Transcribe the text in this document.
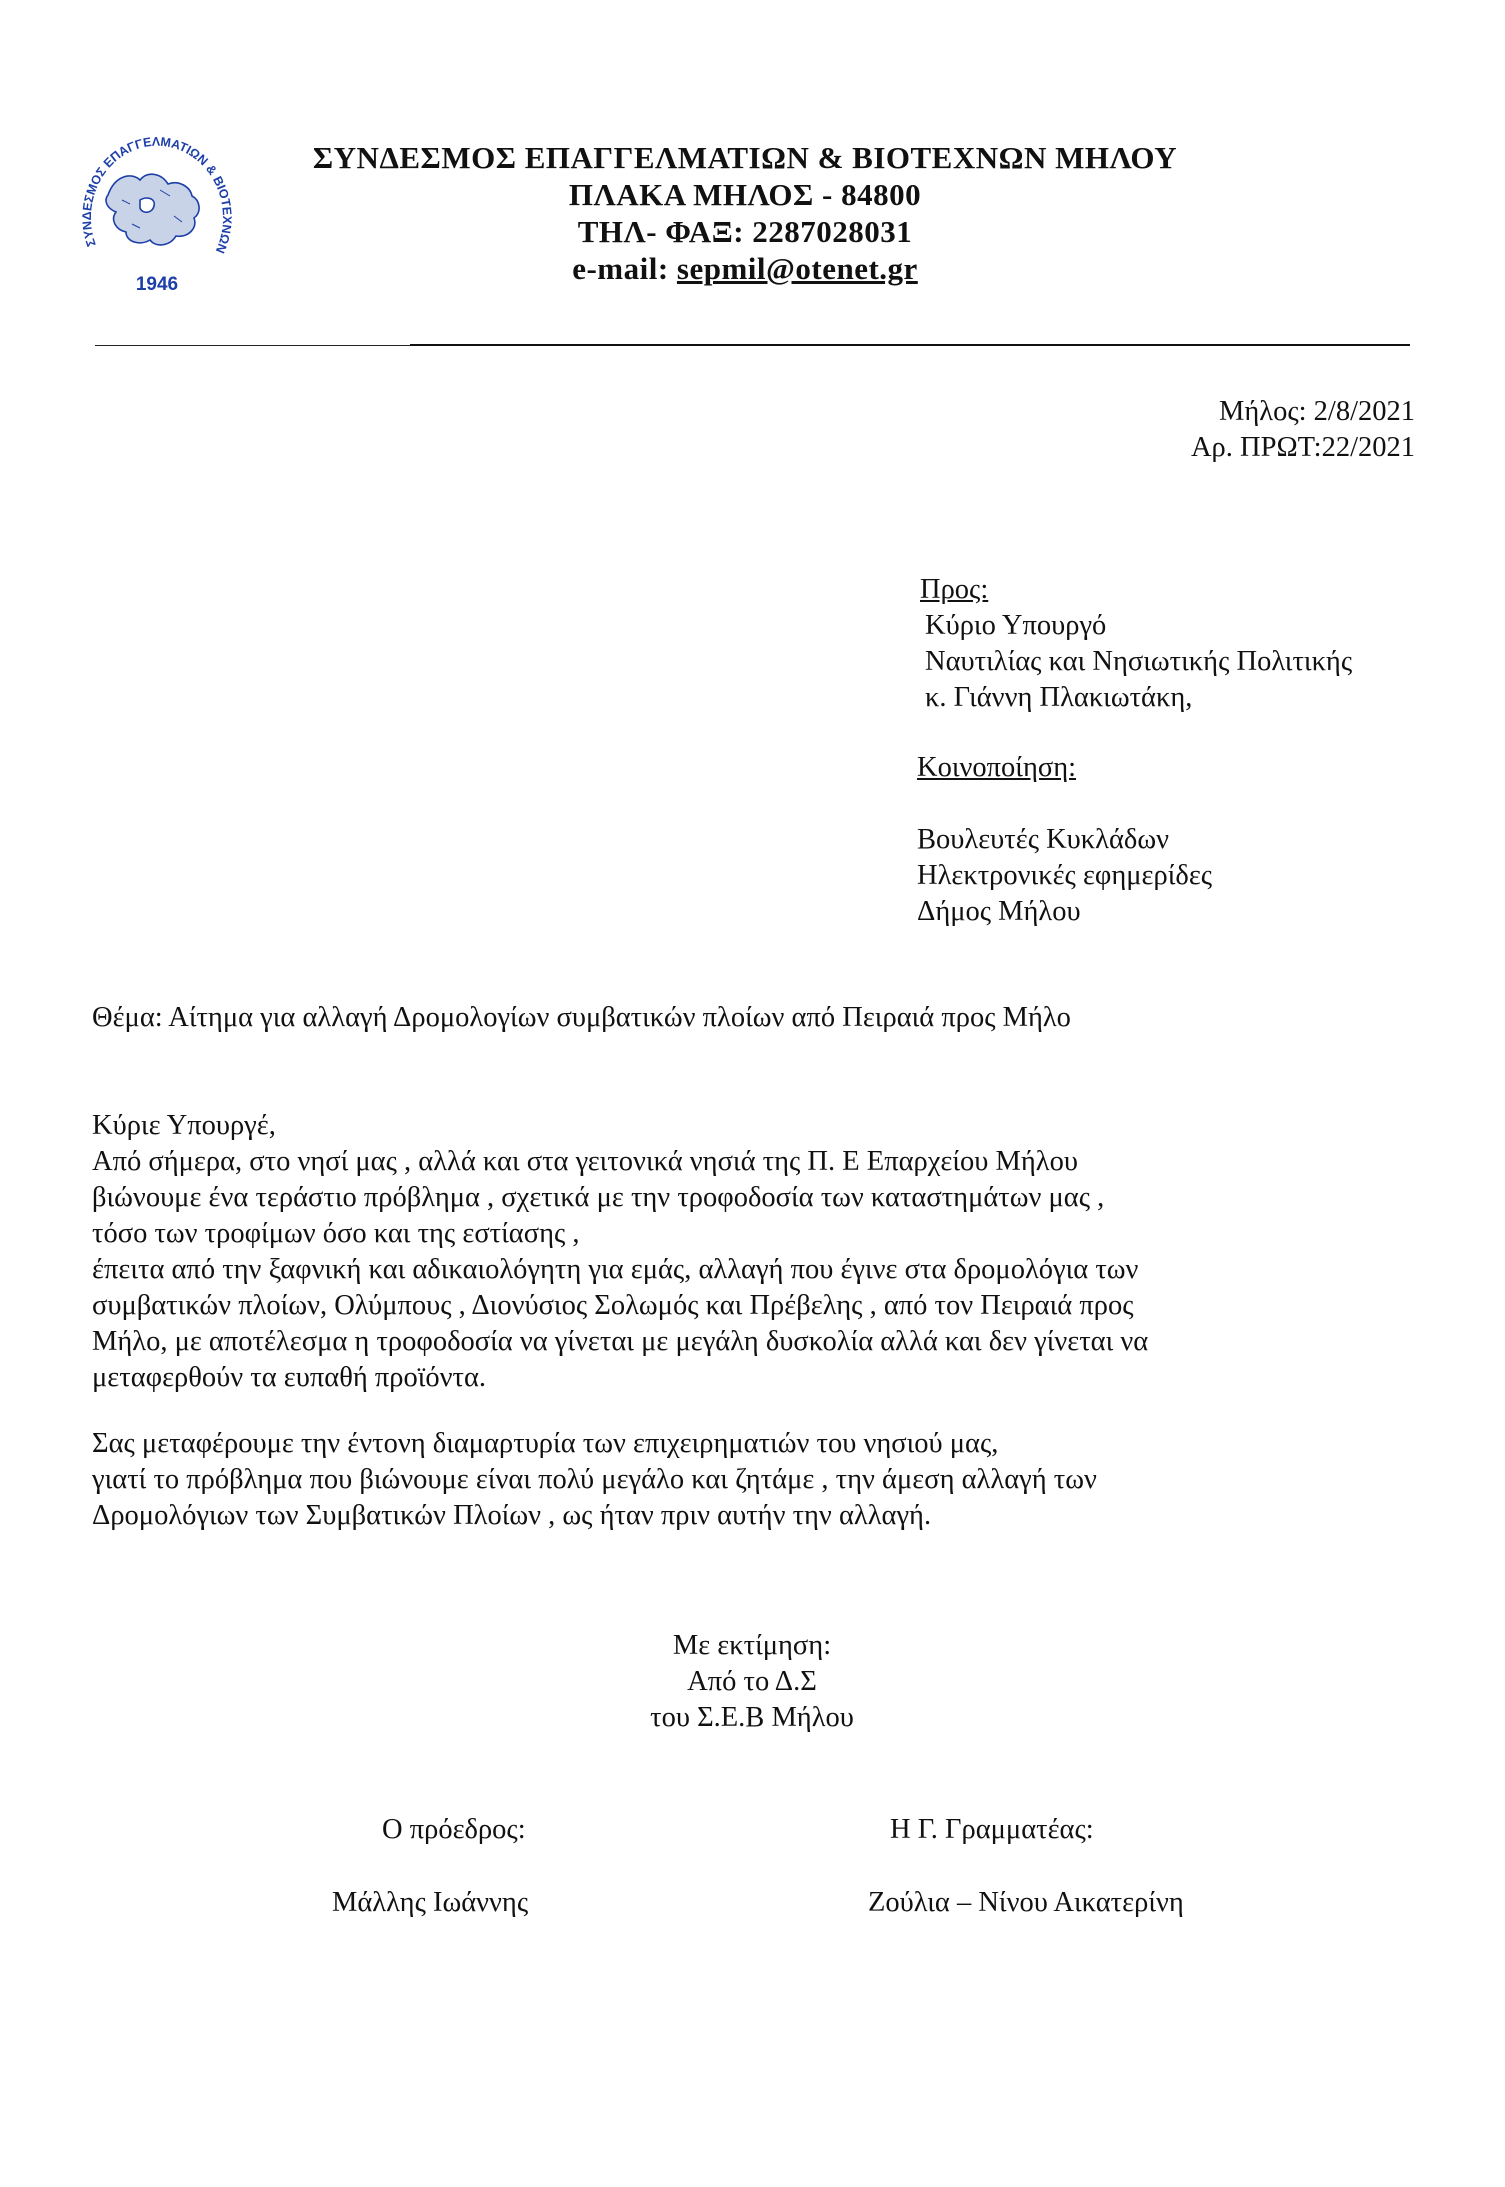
ΣΥΝΔΕΣΜΟΣ ΕΠΑΓΓΕΛΜΑΤΙΩΝ & ΒΙΟΤΕΧΝΩΝ
1946
ΣΥΝΔΕΣΜΟΣ ΕΠΑΓΓΕΛΜΑΤΙΩΝ & ΒΙΟΤΕΧΝΩΝ ΜΗΛΟΥ
ΠΛΑΚΑ ΜΗΛΟΣ - 84800
ΤΗΛ- ΦΑΞ: 2287028031
e-mail: sepmil@otenet.gr
Μήλος: 2/8/2021
Αρ. ΠΡΩΤ:22/2021
Προς:
Κύριο Υπουργό
Ναυτιλίας και Νησιωτικής Πολιτικής
κ. Γιάννη Πλακιωτάκη,
Κοινοποίηση:
Βουλευτές Κυκλάδων
Ηλεκτρονικές εφημερίδες
Δήμος Μήλου
Θέμα: Αίτημα για αλλαγή Δρομολογίων συμβατικών πλοίων από Πειραιά προς Μήλο
Κύριε Υπουργέ,
Από σήμερα, στο νησί μας , αλλά και στα γειτονικά νησιά της Π. Ε Επαρχείου Μήλου
βιώνουμε ένα τεράστιο πρόβλημα , σχετικά με την τροφοδοσία των καταστημάτων μας ,
τόσο των τροφίμων όσο και της εστίασης ,
έπειτα από την ξαφνική και αδικαιολόγητη για εμάς, αλλαγή που έγινε στα δρομολόγια των
συμβατικών πλοίων, Ολύμπους , Διονύσιος Σολωμός και Πρέβελης , από τον Πειραιά προς
Μήλο, με αποτέλεσμα η τροφοδοσία να γίνεται με μεγάλη δυσκολία αλλά και δεν γίνεται να
μεταφερθούν τα ευπαθή προϊόντα.
Σας μεταφέρουμε την έντονη διαμαρτυρία των επιχειρηματιών του νησιού μας,
γιατί το πρόβλημα που βιώνουμε είναι πολύ μεγάλο και ζητάμε , την άμεση αλλαγή των
Δρομολόγιων των Συμβατικών Πλοίων , ως ήταν πριν αυτήν την αλλαγή.
Με εκτίμηση:
Από το Δ.Σ
του Σ.Ε.Β Μήλου
Ο πρόεδρος:
Μάλλης Ιωάννης
Η Γ. Γραμματέας:
Ζούλια – Νίνου Αικατερίνη
